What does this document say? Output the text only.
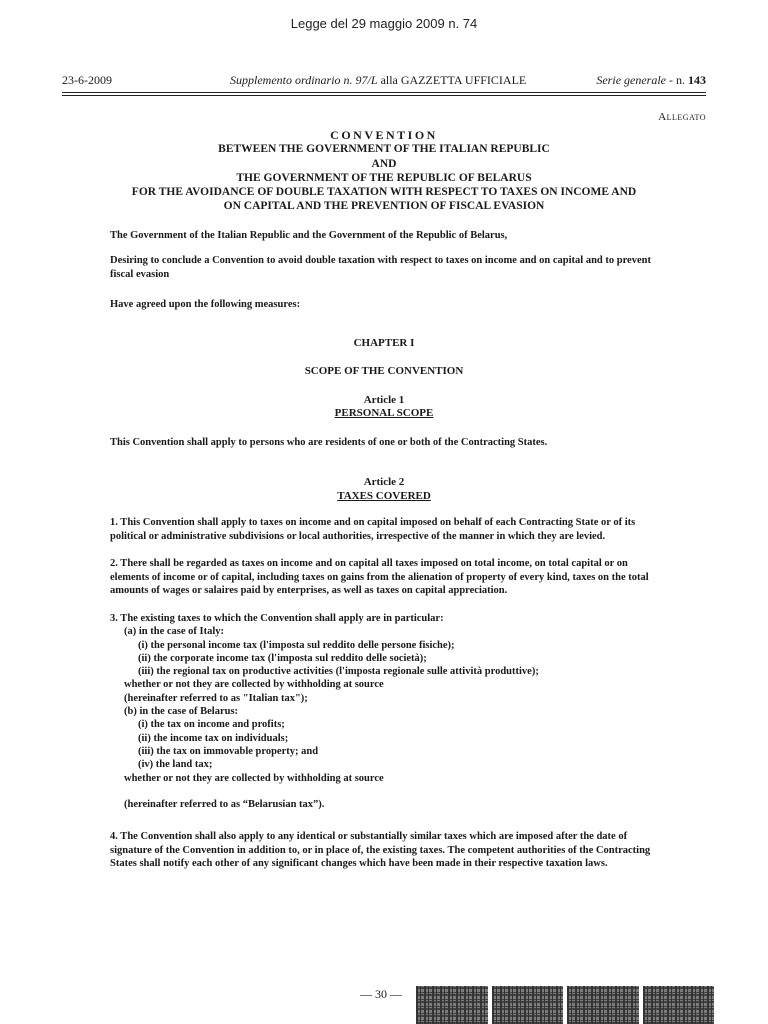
Legge del 29 maggio 2009 n. 74
23-6-2009	Supplemento ordinario n. 97/L alla GAZZETTA UFFICIALE	Serie generale - n. 143
Allegato
CONVENTION
BETWEEN THE GOVERNMENT OF THE ITALIAN REPUBLIC
AND
THE GOVERNMENT OF THE REPUBLIC OF BELARUS
FOR THE AVOIDANCE OF DOUBLE TAXATION WITH RESPECT TO TAXES ON INCOME AND
ON CAPITAL AND THE PREVENTION OF FISCAL EVASION
The Government of the Italian Republic and the Government of the Republic of Belarus,
Desiring to conclude a Convention to avoid double taxation with respect to taxes on income and on capital and to prevent fiscal evasion
Have agreed upon the following measures:
CHAPTER I
SCOPE OF THE CONVENTION
Article 1
PERSONAL SCOPE
This Convention shall apply to persons who are residents of one or both of the Contracting States.
Article 2
TAXES COVERED
1. This Convention shall apply to taxes on income and on capital imposed on behalf of each Contracting State or of its political or administrative subdivisions or local authorities, irrespective of the manner in which they are levied.
2. There shall be regarded as taxes on income and on capital all taxes imposed on total income, on total capital or on elements of income or of capital, including taxes on gains from the alienation of property of every kind, taxes on the total amounts of wages or salaires paid by enterprises, as well as taxes on capital appreciation.
3. The existing taxes to which the Convention shall apply are in particular:
(a) in the case of Italy:
(i) the personal income tax (l'imposta sul reddito delle persone fisiche);
(ii) the corporate income tax (l'imposta sul reddito delle società);
(iii) the regional tax on productive activities (l'imposta regionale sulle attività produttive);
whether or not they are collected by withholding at source
(hereinafter referred to as "Italian tax");
(b) in the case of Belarus:
(i) the tax on income and profits;
(ii) the income tax on individuals;
(iii) the tax on immovable property; and
(iv) the land tax;
whether or not they are collected by withholding at source
(hereinafter referred to as “Belarusian tax”).
4. The Convention shall also apply to any identical or substantially similar taxes which are imposed after the date of signature of the Convention in addition to, or in place of, the existing taxes. The competent authorities of the Contracting States shall notify each other of any significant changes which have been made in their respective taxation laws.
— 30 —
